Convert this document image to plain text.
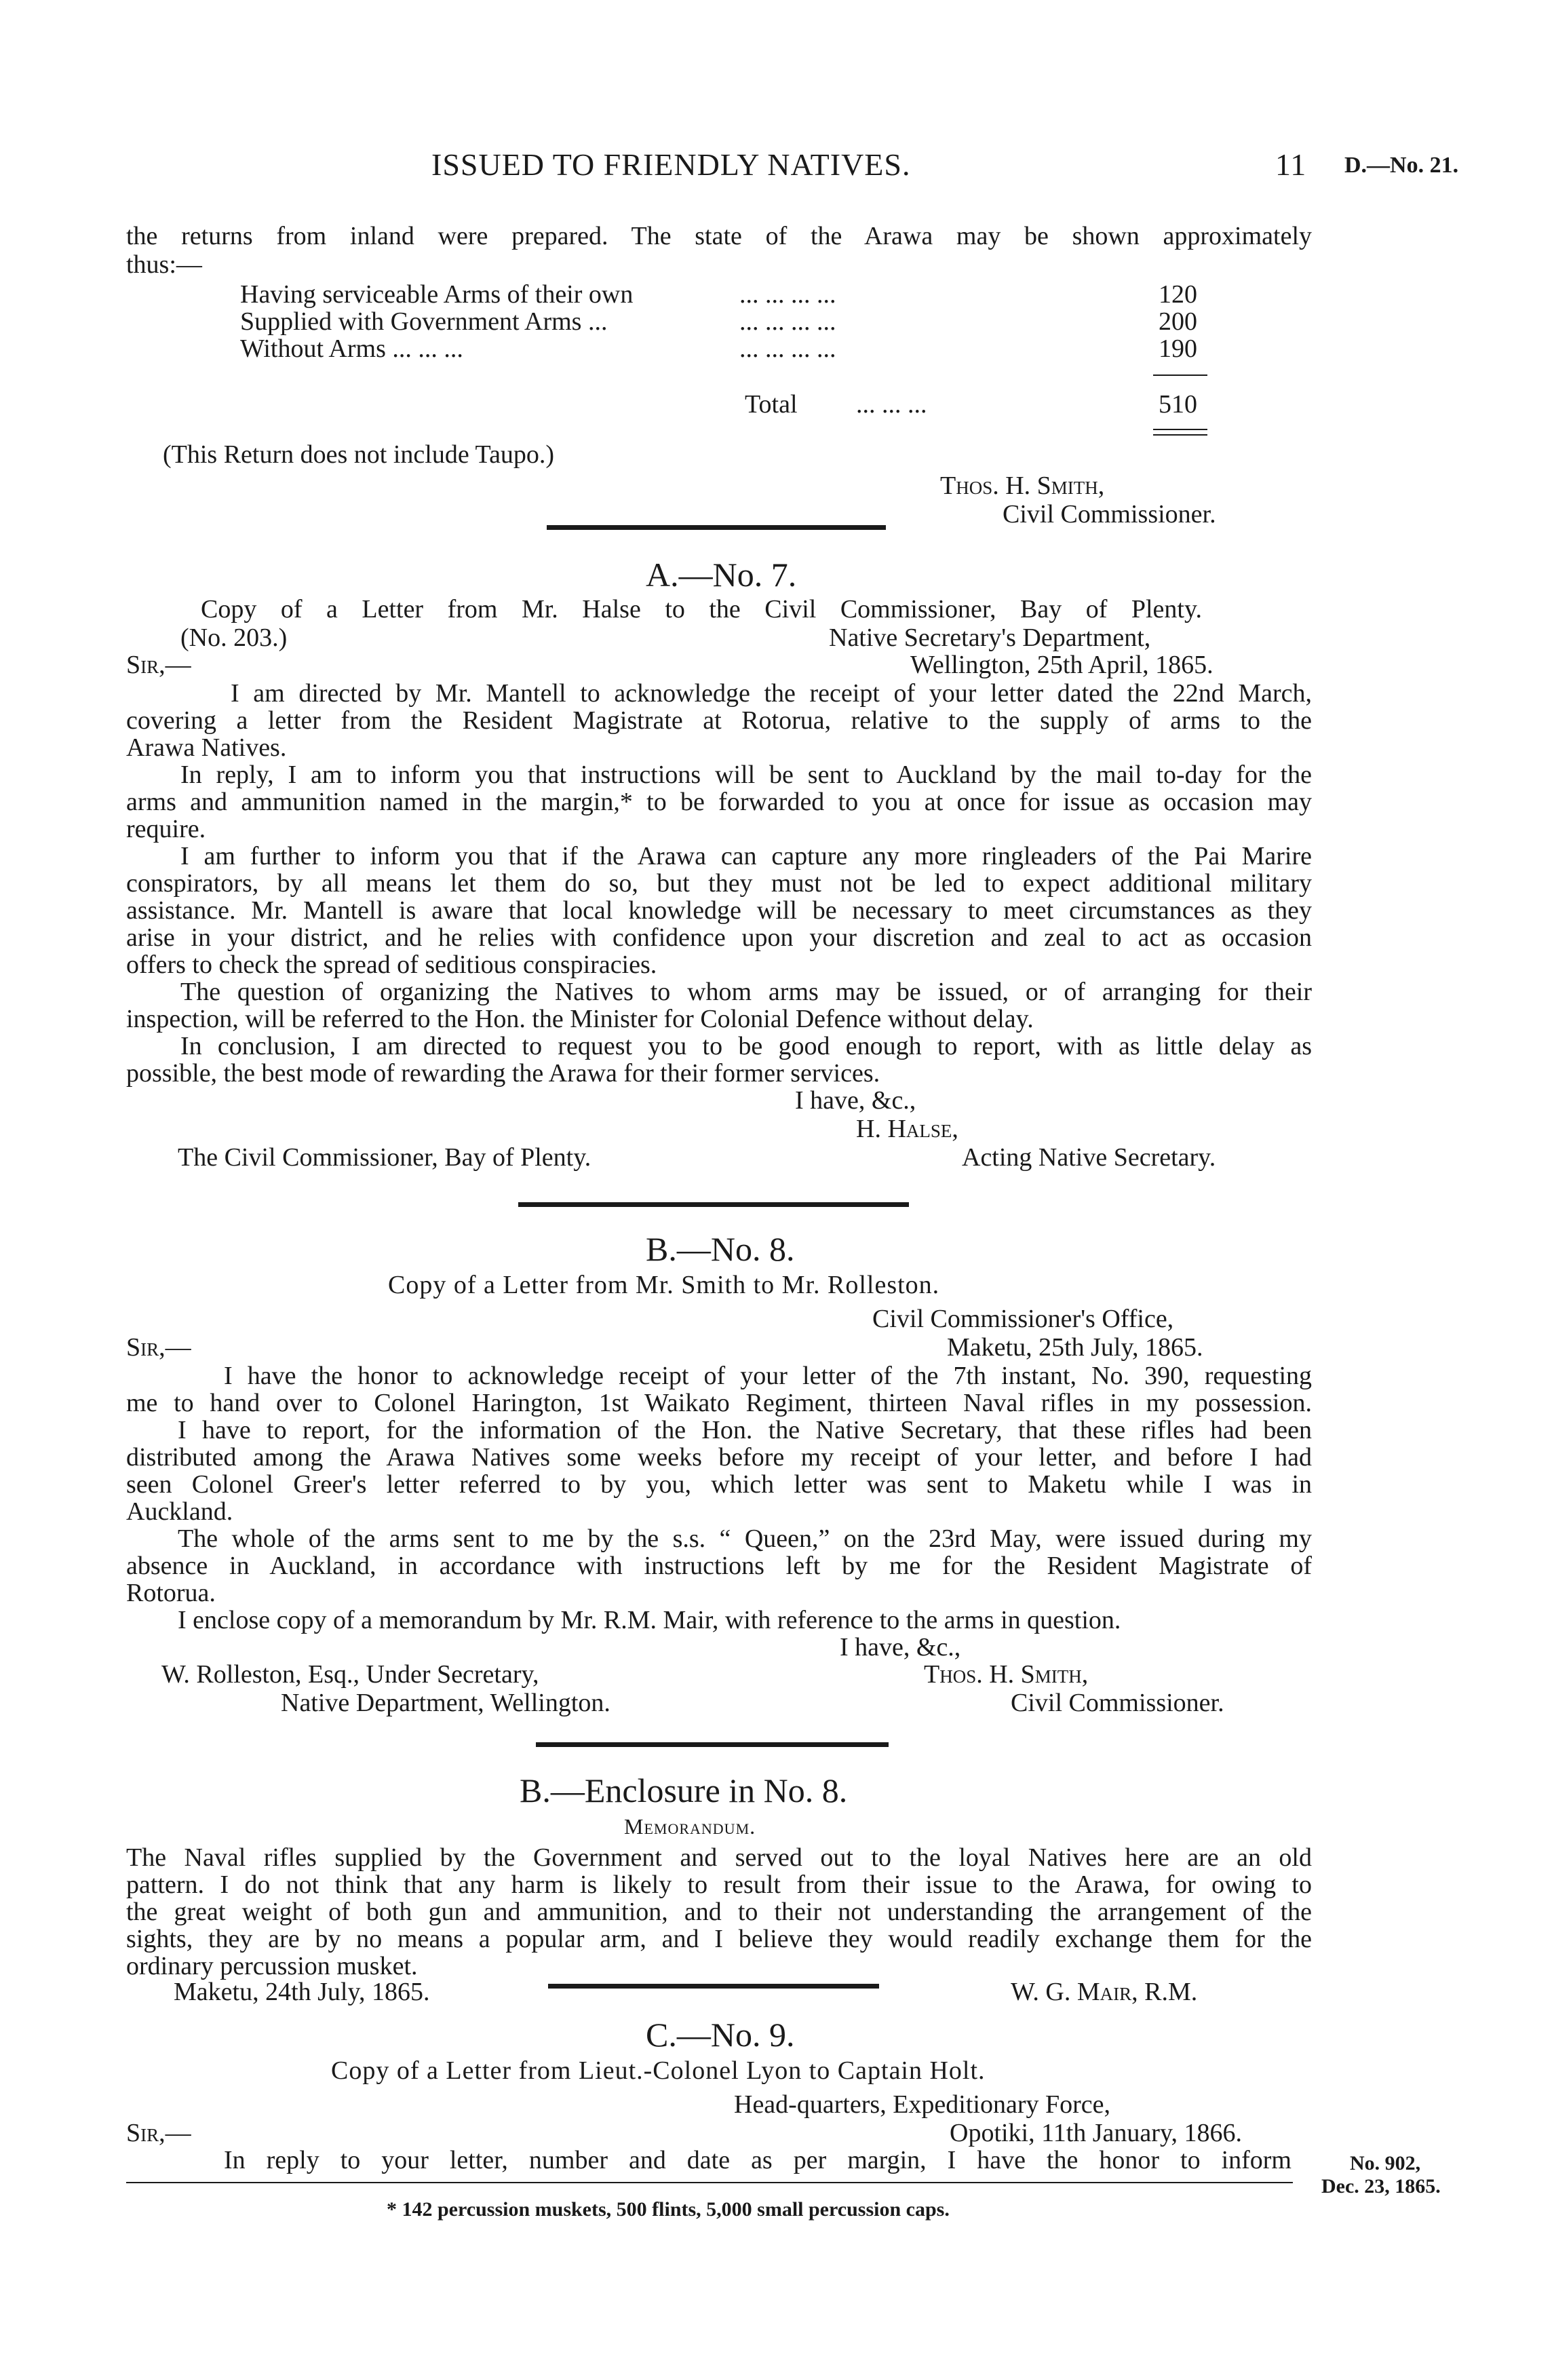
ISSUED TO FRIENDLY NATIVES.	11 D.—No. 21.
the returns from inland were prepared. The state of the Arawa may be shown approximately
thus:—
Having serviceable Arms of their own	... ... ... ...	120
Supplied with Government Arms ...	... ... ... ...	200
Without Arms ... ... ...	... ... ... ...	190
Total ... ... ...	510
(This Return does not include Taupo.)
Thos. H. Smith,
Civil Commissioner.
A.—No. 7.
Copy of a Letter from Mr. Halse to the Civil Commissioner, Bay of Plenty.
(No. 203.)	Native Secretary's Department,
Sir,—	Wellington, 25th April, 1865.
I am directed by Mr. Mantell to acknowledge the receipt of your letter dated the 22nd March,
covering a letter from the Resident Magistrate at Rotorua, relative to the supply of arms to the
Arawa Natives.
In reply, I am to inform you that instructions will be sent to Auckland by the mail to-day for the
arms and ammunition named in the margin,* to be forwarded to you at once for issue as occasion may
require.
I am further to inform you that if the Arawa can capture any more ringleaders of the Pai Marire
conspirators, by all means let them do so, but they must not be led to expect additional military
assistance. Mr. Mantell is aware that local knowledge will be necessary to meet circumstances as they
arise in your district, and he relies with confidence upon your discretion and zeal to act as occasion
offers to check the spread of seditious conspiracies.
The question of organizing the Natives to whom arms may be issued, or of arranging for their
inspection, will be referred to the Hon. the Minister for Colonial Defence without delay.
In conclusion, I am directed to request you to be good enough to report, with as little delay as
possible, the best mode of rewarding the Arawa for their former services.
I have, &c.,
H. Halse,
The Civil Commissioner, Bay of Plenty.	Acting Native Secretary.
B.—No. 8.
Copy of a Letter from Mr. Smith to Mr. Rolleston.
Civil Commissioner's Office,
Sir,—	Maketu, 25th July, 1865.
I have the honor to acknowledge receipt of your letter of the 7th instant, No. 390, requesting
me to hand over to Colonel Harington, 1st Waikato Regiment, thirteen Naval rifles in my possession.
I have to report, for the information of the Hon. the Native Secretary, that these rifles had been
distributed among the Arawa Natives some weeks before my receipt of your letter, and before I had
seen Colonel Greer's letter referred to by you, which letter was sent to Maketu while I was in
Auckland.
The whole of the arms sent to me by the s.s. “ Queen,” on the 23rd May, were issued during my
absence in Auckland, in accordance with instructions left by me for the Resident Magistrate of
Rotorua.
I enclose copy of a memorandum by Mr. R.M. Mair, with reference to the arms in question.
I have, &c.,
W. Rolleston, Esq., Under Secretary,	Thos. H. Smith,
Native Department, Wellington.	Civil Commissioner.
B.—Enclosure in No. 8.
Memorandum.
The Naval rifles supplied by the Government and served out to the loyal Natives here are an old
pattern. I do not think that any harm is likely to result from their issue to the Arawa, for owing to
the great weight of both gun and ammunition, and to their not understanding the arrangement of the
sights, they are by no means a popular arm, and I believe they would readily exchange them for the
ordinary percussion musket.
Maketu, 24th July, 1865.	W. G. Mair, R.M.
C.—No. 9.
Copy of a Letter from Lieut.-Colonel Lyon to Captain Holt.
Head-quarters, Expeditionary Force,
Sir,—	Opotiki, 11th January, 1866.
In reply to your letter, number and date as per margin, I have the honor to inform	No. 902,
Dec. 23, 1865.
* 142 percussion muskets, 500 flints, 5,000 small percussion caps.
